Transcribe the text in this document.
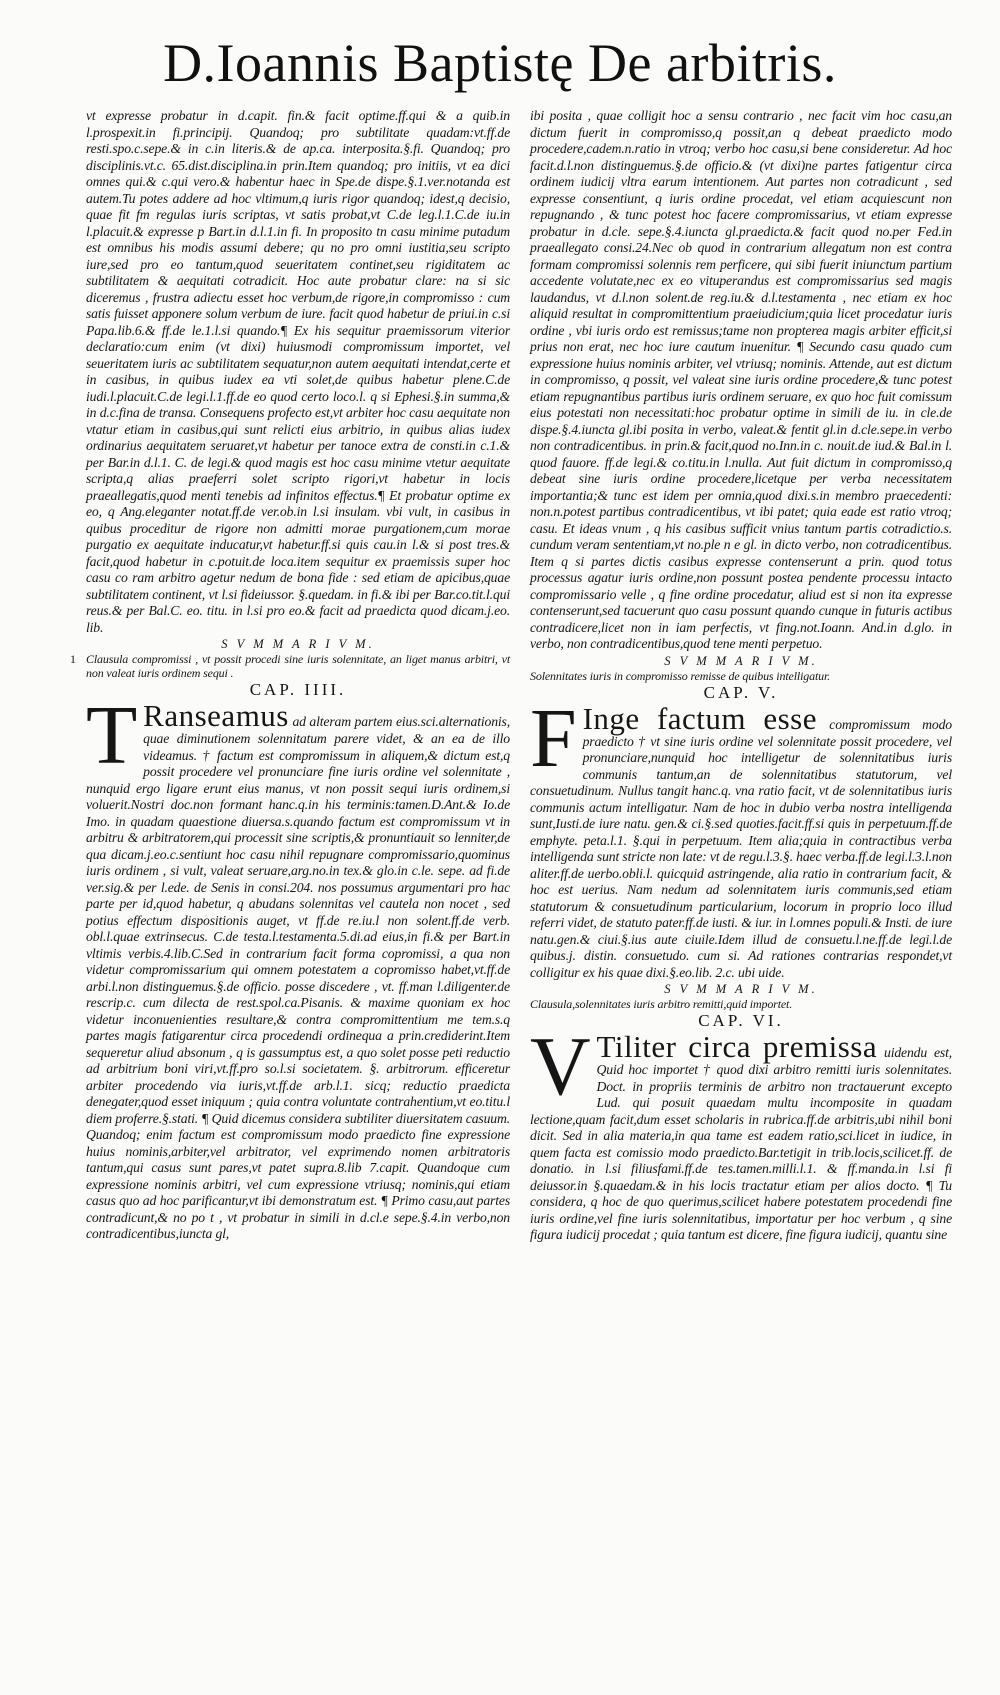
D.Ioannis Baptistę De arbitris.

vt expresse probatur in d.capit. fin.& facit optime.ff.qui & a quib.in l.prospexit.in fi.principij. Quandoq; pro subtilitate quadam:vt.ff.de resti.spo.c.sepe.& in c.in literis.& de ap.ca. interposita.§.fi. Quandoq; pro disciplinis.vt.c. 65.dist.disciplina.in prin.Item quandoq; pro initiis, vt ea dici omnes qui.& c.qui vero.& habentur haec in Spe.de dispe.§.1.ver.notanda est autem.Tu potes addere ad hoc vltimum,q iuris rigor quandoq; idest,q decisio, quae fit fm regulas iuris scriptas, vt satis probat,vt C.de leg.l.1.C.de iu.in l.placuit.& expresse p Bart.in d.l.1.in fi. In proposito tn casu minime putadum est omnibus his modis assumi debere; qu no pro omni iustitia,seu scripto iure,sed pro eo tantum,quod seueritatem continet,seu rigiditatem ac subtilitatem & aequitati cotradicit. Hoc aute probatur clare: na si sic diceremus , frustra adiectu esset hoc verbum,de rigore,in compromisso : cum satis fuisset apponere solum verbum de iure. facit quod habetur de priui.in c.si Papa.lib.6.& ff.de le.1.l.si quando.¶ Ex his sequitur praemissorum viterior declaratio:cum enim (vt dixi) huiusmodi compromissum importet, vel seueritatem iuris ac subtilitatem sequatur,non autem aequitati intendat,certe et in casibus, in quibus iudex ea vti solet,de quibus habetur plene.C.de iudi.l.placuit.C.de legi.l.1.ff.de eo quod certo loco.l. q si Ephesi.§.in summa,& in d.c.fina de transa. Consequens profecto est,vt arbiter hoc casu aequitate non vtatur etiam in casibus,qui sunt relicti eius arbitrio, in quibus alias iudex ordinarius aequitatem seruaret,vt habetur per tanoce extra de consti.in c.1.& per Bar.in d.l.1. C. de legi.& quod magis est hoc casu minime vtetur aequitate scripta,q alias praeferri solet scripto rigori,vt habetur in locis praeallegatis,quod menti tenebis ad infinitos effectus.¶ Et probatur optime ex eo, q Ang.eleganter notat.ff.de ver.ob.in l.si insulam. vbi vult, in casibus in quibus proceditur de rigore non admitti morae purgationem,cum morae purgatio ex aequitate inducatur,vt habetur.ff.si quis cau.in l.& si post tres.& facit,quod habetur in c.potuit.de loca.item sequitur ex praemissis super hoc casu co ram arbitro agetur nedum de bona fide : sed etiam de apicibus,quae subtilitatem continent, vt l.si fideiussor. §.quedam. in fi.& ibi per Bar.co.tit.l.qui reus.& per Bal.C. eo. titu. in l.si pro eo.& facit ad praedicta quod dicam.j.eo. lib.

S V M M A R I V M.
1 Clausula compromissi , vt possit procedi sine iuris solennitate, an liget manus arbitri, vt non valeat iuris ordinem sequi .
CAP. IIII.
T Ranseamus ad alteram partem eius.sci.alternationis, quae diminutionem solennitatum parere videt, & an ea de illo videamus. † factum est compromissum in aliquem,& dictum est,q possit procedere vel pronunciare fine iuris ordine vel solennitate , nunquid ergo ligare erunt eius manus, vt non possit sequi iuris ordinem,si voluerit.Nostri doc.non formant hanc.q.in his terminis:tamen.D.Ant.& Io.de Imo. in quadam quaestione diuersa.s.quando factum est compromissum vt in arbitru & arbitratorem,qui processit sine scriptis,& pronuntiauit so lenniter,de qua dicam.j.eo.c.sentiunt hoc casu nihil repugnare compromissario,quominus iuris ordinem , si vult, valeat seruare,arg.no.in tex.& glo.in c.le. sepe. ad fi.de ver.sig.& per l.ede. de Senis in consi.204. nos possumus argumentari pro hac parte per id,quod habetur, q abudans solennitas vel cautela non nocet , sed potius effectum dispositionis auget, vt ff.de re.iu.l non solent.ff.de verb. obl.l.quae extrinsecus. C.de testa.l.testamenta.5.di.ad eius,in fi.& per Bart.in vltimis verbis.4.lib.C.Sed in contrarium facit forma copromissi, a qua non videtur compromissarium qui omnem potestatem a copromisso habet,vt.ff.de arbi.l.non distinguemus.§.de officio. posse discedere , vt. ff.man l.diligenter.de rescrip.c. cum dilecta de rest.spol.ca.Pisanis. & maxime quoniam ex hoc videtur inconuenienties resultare,& contra compromittentium me tem.s.q partes magis fatigarentur circa procedendi ordinequa a prin.crediderint.Item sequeretur aliud absonum , q is gassumptus est, a quo solet posse peti reductio ad arbitrium boni viri,vt.ff.pro so.l.si societatem. §. arbitrorum. efficeretur arbiter procedendo via iuris,vt.ff.de arb.l.1. sicq; reductio praedicta denegater,quod esset iniquum ; quia contra voluntate contrahentium,vt eo.titu.l diem proferre.§.stati. ¶ Quid dicemus considera subtiliter diuersitatem casuum. Quandoq; enim factum est compromissum modo praedicto fine expressione huius nominis,arbiter,vel arbitrator, vel exprimendo nomen arbitratoris tantum,qui casus sunt pares,vt patet supra.8.lib 7.capit. Quandoque cum expressione nominis arbitri, vel cum expressione vtriusq; nominis,qui etiam casus quo ad hoc parificantur,vt ibi demonstratum est. ¶ Primo casu,aut partes contradicunt,& no po t , vt probatur in simili in d.cl.e sepe.§.4.in verbo,non contradicentibus,iuncta gl,

ibi posita , quae colligit hoc a sensu contrario , nec facit vim hoc casu,an dictum fuerit in compromisso,q possit,an q debeat praedicto modo procedere,cadem.n.ratio in vtroq; verbo hoc casu,si bene consideretur. Ad hoc facit.d.l.non distinguemus.§.de officio.& (vt dixi)ne partes fatigentur circa ordinem iudicij vltra earum intentionem. Aut partes non cotradicunt , sed expresse consentiunt, q iuris ordine procedat, vel etiam acquiescunt non repugnando , & tunc potest hoc facere compromissarius, vt etiam expresse probatur in d.cle. sepe.§.4.iuncta gl.praedicta.& facit quod no.per Fed.in praeallegato consi.24.Nec ob quod in contrarium allegatum non est contra formam compromissi solennis rem perficere, qui sibi fuerit iniunctum partium accedente volutate,nec ex eo vituperandus est compromissarius sed magis laudandus, vt d.l.non solent.de reg.iu.& d.l.testamenta , nec etiam ex hoc aliquid resultat in compromittentium praeiudicium;quia licet procedatur iuris ordine , vbi iuris ordo est remissus;tame non propterea magis arbiter efficit,si prius non erat, nec hoc iure cautum inuenitur. ¶ Secundo casu quado cum expressione huius nominis arbiter, vel vtriusq; nominis. Attende, aut est dictum in compromisso, q possit, vel valeat sine iuris ordine procedere,& tunc potest etiam repugnantibus partibus iuris ordinem seruare, ex quo hoc fuit comissum eius potestati non necessitati:hoc probatur optime in simili de iu. in cle.de dispe.§.4.iuncta gl.ibi posita in verbo, valeat.& fentit gl.in d.cle.sepe.in verbo non contradicentibus. in prin.& facit,quod no.Inn.in c. nouit.de iud.& Bal.in l. quod fauore. ff.de legi.& co.titu.in l.nulla. Aut fuit dictum in compromisso,q debeat sine iuris ordine procedere,licetque per verba necessitatem importantia;& tunc est idem per omnia,quod dixi.s.in membro praecedenti: non.n.potest partibus contradicentibus, vt ibi patet; quia eade est ratio vtroq; casu. Et ideas vnum , q his casibus sufficit vnius tantum partis cotradictio.s. cundum veram sententiam,vt no.ple n e gl. in dicto verbo, non cotradicentibus. Item q si partes dictis casibus expresse contenserunt a prin. quod totus processus agatur iuris ordine,non possunt postea pendente processu intacto compromissario velle , q fine ordine procedatur, aliud est si non ita expresse contenserunt,sed tacuerunt quo casu possunt quando cunque in futuris actibus contradicere,licet non in iam perfectis, vt fing.not.Ioann. And.in d.glo. in verbo, non contradicentibus,quod tene menti perpetuo.

S V M M A R I V M.
Solennitates iuris in compromisso remisse de quibus intelligatur.
CAP. V.
F Inge factum esse compromissum modo praedicto † vt sine iuris ordine vel solennitate possit procedere, vel pronunciare,nunquid hoc intelligetur de solennitatibus iuris communis tantum,an de solennitatibus statutorum, vel consuetudinum. Nullus tangit hanc.q. vna ratio facit, vt de solennitatibus iuris communis actum intelligatur. Nam de hoc in dubio verba nostra intelligenda sunt,Iusti.de iure natu. gen.& ci.§.sed quoties.facit.ff.si quis in perpetuum.ff.de emphyte. peta.l.1. §.qui in perpetuum. Item alia;quia in contractibus verba intelligenda sunt stricte non late: vt de regu.l.3.§. haec verba.ff.de legi.l.3.l.non aliter.ff.de uerbo.obli.l. quicquid astringende, alia ratio in contrarium facit, & hoc est uerius. Nam nedum ad solennitatem iuris communis,sed etiam statutorum & consuetudinum particularium, locorum in proprio loco illud referri videt, de statuto pater.ff.de iusti. & iur. in l.omnes populi.& Insti. de iure natu.gen.& ciui.§.ius aute ciuile.Idem illud de consuetu.l.ne.ff.de legi.l.de quibus.j. distin. consuetudo. cum si. Ad rationes contrarias respondet,vt colligitur ex his quae dixi.§.eo.lib. 2.c. ubi uide.
S V M M A R I V M.
Clausula,solennitates iuris arbitro remitti,quid importet.
CAP. VI.
V Tiliter circa premissa uidendu est, Quid hoc importet † quod dixi arbitro remitti iuris solennitates. Doct. in propriis terminis de arbitro non tractauerunt excepto Lud. qui posuit quaedam multu incomposite in quadam lectione,quam facit,dum esset scholaris in rubrica.ff.de arbitris,ubi nihil boni dicit. Sed in alia materia,in qua tame est eadem ratio,sci.licet in iudice, in quem facta est comissio modo praedicto.Bar.tetigit in trib.locis,scilicet.ff. de donatio. in l.si filiusfami.ff.de tes.tamen.milli.l.1. & ff.manda.in l.si fi deiussor.in §.quaedam.& in his locis tractatur etiam per alios docto. ¶ Tu considera, q hoc de quo querimus,scilicet habere potestatem procedendi fine iuris ordine,vel fine iuris solennitatibus, importatur per hoc verbum , q sine figura iudicij procedat ; quia tantum est dicere, fine figura iudicij, quantu sine
